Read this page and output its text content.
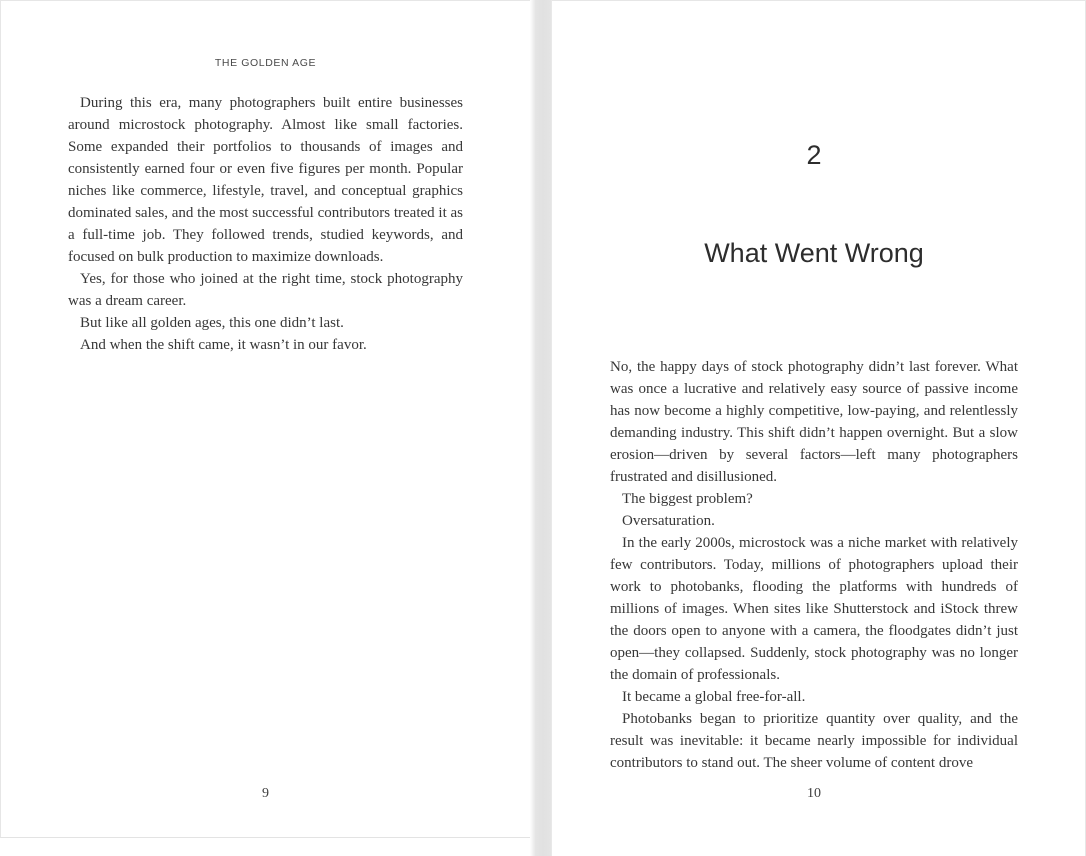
THE GOLDEN AGE

During this era, many photographers built entire businesses around microstock photography. Almost like small factories. Some expanded their portfolios to thousands of images and consistently earned four or even five figures per month. Popular niches like commerce, lifestyle, travel, and conceptual graphics dominated sales, and the most successful contributors treated it as a full-time job. They followed trends, studied keywords, and focused on bulk production to maximize downloads.

Yes, for those who joined at the right time, stock photography was a dream career.

But like all golden ages, this one didn’t last.

And when the shift came, it wasn’t in our favor.

9
2
What Went Wrong

No, the happy days of stock photography didn’t last forever. What was once a lucrative and relatively easy source of passive income has now become a highly competitive, low-paying, and relentlessly demanding industry. This shift didn’t happen overnight. But a slow erosion—driven by several factors—left many photographers frustrated and disillusioned.

The biggest problem?

Oversaturation.

In the early 2000s, microstock was a niche market with relatively few contributors. Today, millions of photographers upload their work to photobanks, flooding the platforms with hundreds of millions of images. When sites like Shutterstock and iStock threw the doors open to anyone with a camera, the floodgates didn’t just open—they collapsed. Suddenly, stock photography was no longer the domain of professionals.

It became a global free-for-all.

Photobanks began to prioritize quantity over quality, and the result was inevitable: it became nearly impossible for individual contributors to stand out. The sheer volume of content drove

10
